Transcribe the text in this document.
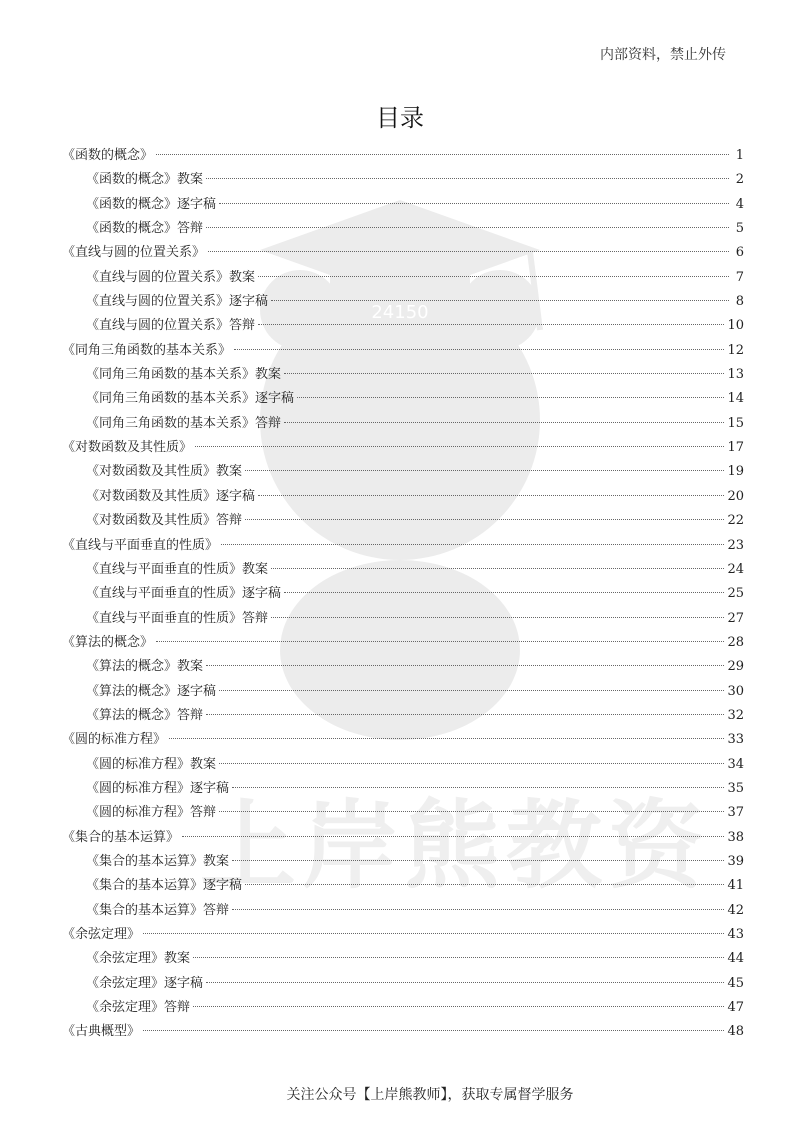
24150
上岸熊教资
内部资料，禁止外传
目录
《函数的概念》	1
《函数的概念》教案	2
《函数的概念》逐字稿	4
《函数的概念》答辩	5
《直线与圆的位置关系》	6
《直线与圆的位置关系》教案	7
《直线与圆的位置关系》逐字稿	8
《直线与圆的位置关系》答辩	10
《同角三角函数的基本关系》	12
《同角三角函数的基本关系》教案	13
《同角三角函数的基本关系》逐字稿	14
《同角三角函数的基本关系》答辩	15
《对数函数及其性质》	17
《对数函数及其性质》教案	19
《对数函数及其性质》逐字稿	20
《对数函数及其性质》答辩	22
《直线与平面垂直的性质》	23
《直线与平面垂直的性质》教案	24
《直线与平面垂直的性质》逐字稿	25
《直线与平面垂直的性质》答辩	27
《算法的概念》	28
《算法的概念》教案	29
《算法的概念》逐字稿	30
《算法的概念》答辩	32
《圆的标准方程》	33
《圆的标准方程》教案	34
《圆的标准方程》逐字稿	35
《圆的标准方程》答辩	37
《集合的基本运算》	38
《集合的基本运算》教案	39
《集合的基本运算》逐字稿	41
《集合的基本运算》答辩	42
《余弦定理》	43
《余弦定理》教案	44
《余弦定理》逐字稿	45
《余弦定理》答辩	47
《古典概型》	48
关注公众号【上岸熊教师】，获取专属督学服务
